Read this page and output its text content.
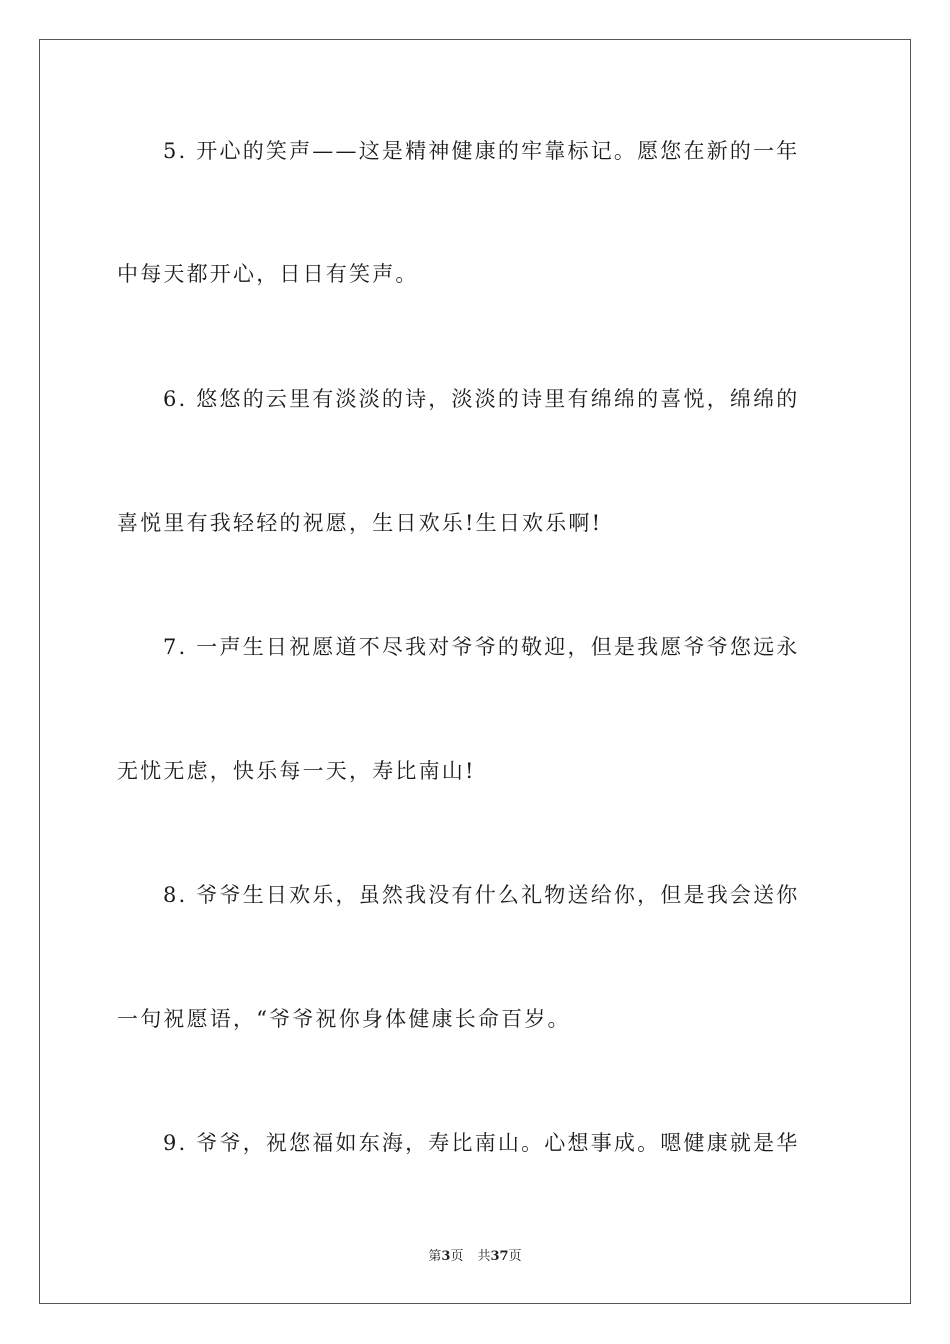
5. 开心的笑声——这是精神健康的牢靠标记。愿您在新的一年
中每天都开心，日日有笑声。
6. 悠悠的云里有淡淡的诗，淡淡的诗里有绵绵的喜悦，绵绵的
喜悦里有我轻轻的祝愿，生日欢乐!生日欢乐啊!
7. 一声生日祝愿道不尽我对爷爷的敬迎，但是我愿爷爷您远永
无忧无虑，快乐每一天，寿比南山!
8. 爷爷生日欢乐，虽然我没有什么礼物送给你，但是我会送你
一句祝愿语，“爷爷祝你身体健康长命百岁。
9. 爷爷，祝您福如东海，寿比南山。心想事成。嗯健康就是华
第3页 共37页
